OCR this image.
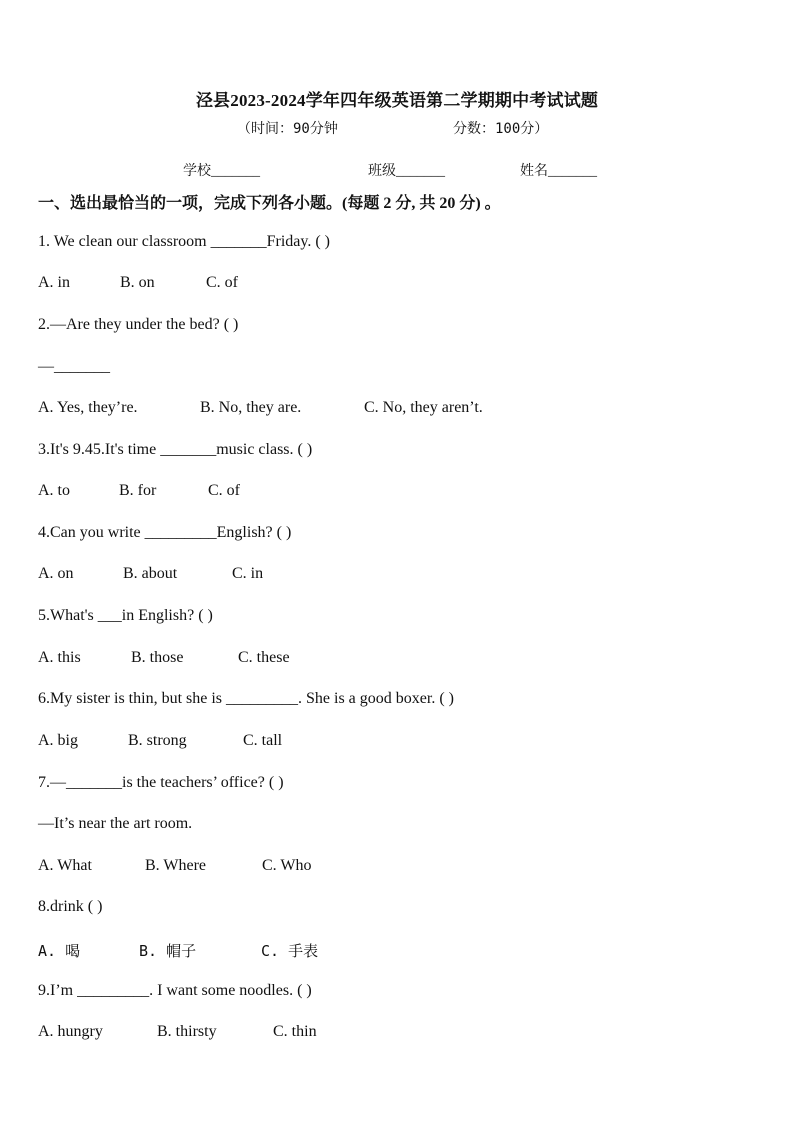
泾县2023-2024学年四年级英语第二学期期中考试试题
（时间：90分钟	分数：100分）
学校_______	班级_______	姓名_______
一、选出最恰当的一项，完成下列各小题。(每题 2 分, 共 20 分) 。
1. We clean our classroom _______Friday. ( )
A. in	B. on	C. of
2.—Are they under the bed? ( )
—_______
A. Yes, they’re.	B. No, they are.	C. No, they aren’t.
3.It's 9.45.It's time _______music class. ( )
A. to	B. for	C. of
4.Can you write _________English? ( )
A. on	B. about	C. in
5.What's ___in English? ( )
A. this	B. those	C. these
6.My sister is thin, but she is _________. She is a good boxer. ( )
A. big	B. strong	C. tall
7.—_______is the teachers’ office? ( )
—It’s near the art room.
A. What	B. Where	C. Who
8.drink ( )
A. 喝	B. 帽子	C. 手表
9.I’m _________. I want some noodles. ( )
A. hungry	B. thirsty	C. thin
